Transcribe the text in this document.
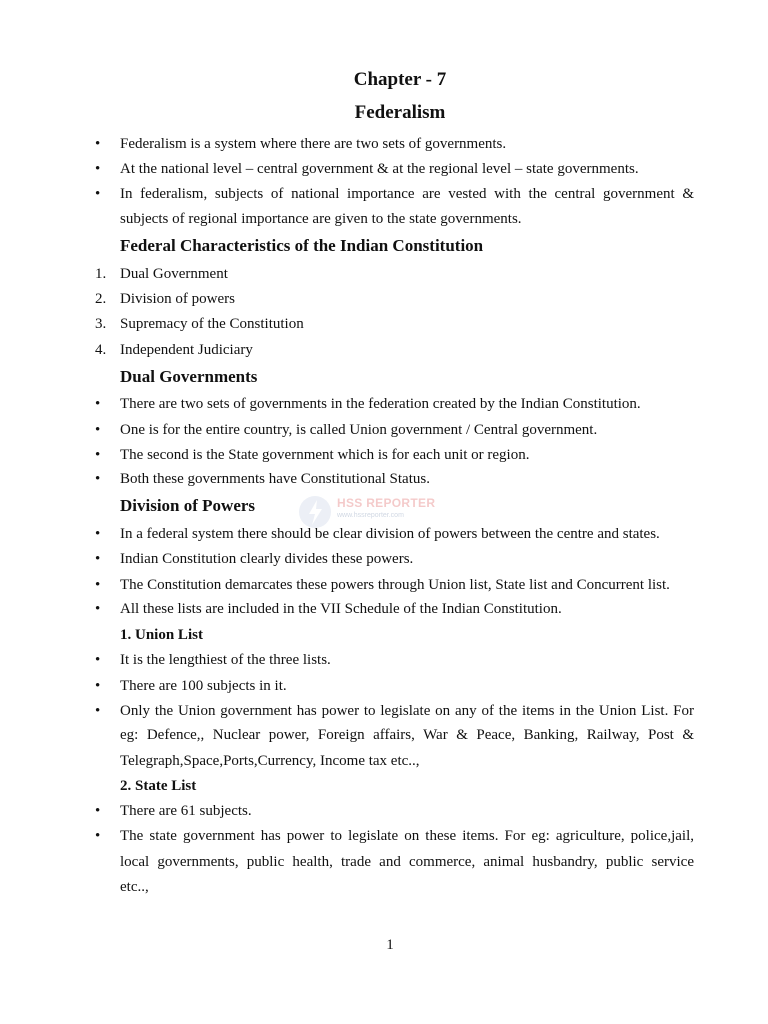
Chapter - 7
Federalism
• Federalism is a system where there are two sets of governments.
• At the national level – central government & at the regional level – state governments.
• In federalism, subjects of national importance are vested with the central government &
subjects of regional importance are given to the state governments.
Federal Characteristics of the Indian Constitution
1. Dual Government
2. Division of powers
3. Supremacy of the Constitution
4. Independent Judiciary
Dual Governments
• There are two sets of governments in the federation created by the Indian Constitution.
• One is for the entire country, is called Union government / Central government.
• The second is the State government which is for each unit or region.
• Both these governments have Constitutional Status.
Division of Powers	HSS REPORTER
www.hssreporter.com
• In a federal system there should be clear division of powers between the centre and states.
• Indian Constitution clearly divides these powers.
• The Constitution demarcates these powers through Union list, State list and Concurrent list.
• All these lists are included in the VII Schedule of the Indian Constitution.
1. Union List
• It is the lengthiest of the three lists.
• There are 100 subjects in it.
• Only the Union government has power to legislate on any of the items in the Union List. For
eg: Defence,, Nuclear power, Foreign affairs, War & Peace, Banking, Railway, Post &
Telegraph,Space,Ports,Currency, Income tax etc..,
2. State List
• There are 61 subjects.
• The state government has power to legislate on these items. For eg: agriculture, police,jail,
local governments, public health, trade and commerce, animal husbandry, public service
etc..,
1
